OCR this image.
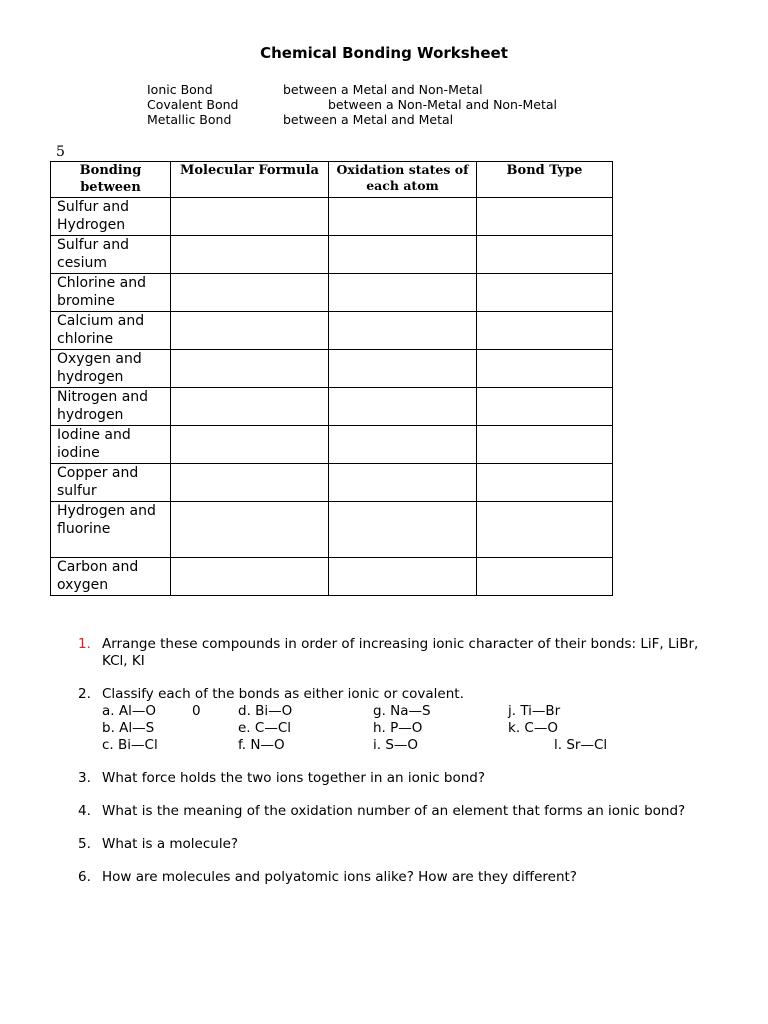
Chemical Bonding Worksheet
Ionic Bond	between a Metal and Non-Metal
Covalent Bond	between a Non-Metal and Non-Metal
Metallic Bond	between a Metal and Metal
5
Bonding between	Molecular Formula	Oxidation states of each atom	Bond Type
Sulfur and Hydrogen			
Sulfur and cesium			
Chlorine and bromine			
Calcium and chlorine			
Oxygen and hydrogen			
Nitrogen and hydrogen			
Iodine and iodine			
Copper and sulfur			
Hydrogen and fluorine			
Carbon and oxygen			
1. Arrange these compounds in order of increasing ionic character of their bonds: LiF, LiBr, KCl, KI
2. Classify each of the bonds as either ionic or covalent.
a. Al—O	0
b. Al—S
c. Bi—Cl
d. Bi—O
e. C—Cl
f. N—O
g. Na—S
h. P—O
i. S—O
j. Ti—Br
k. C—O
l. Sr—Cl
3. What force holds the two ions together in an ionic bond?
4. What is the meaning of the oxidation number of an element that forms an ionic bond?
5. What is a molecule?
6. How are molecules and polyatomic ions alike? How are they different?
